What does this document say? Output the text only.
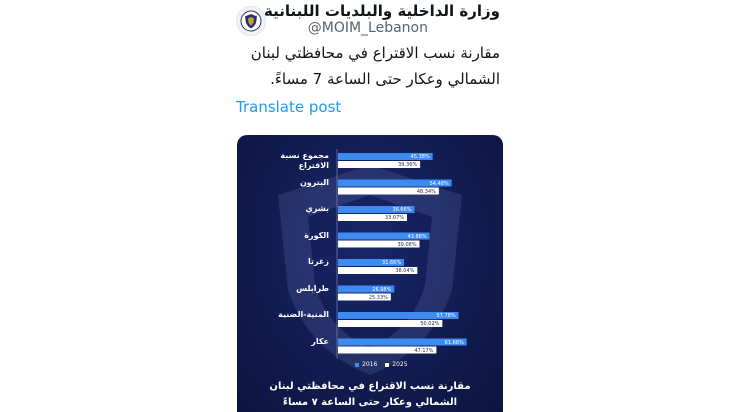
وزارة الداخلية والبلديات اللبنانية
@MOIM_Lebanon
مقارنة نسب الاقتراع في محافظتي لبنان
الشمالي وعكار حتى الساعة 7 مساءً.
Translate post
مجموع نسبة الاقتراع
45.38%
39.36%
البترون	54.48%
48.34%
بشري	36.66%
33.07%
الكورة	43.88%
39.08%
زغرتا	31.66%
38.04%
طرابلس	26.98%
25.33%
المنية-الضنية	57.78%
50.02%
عكار	61.68%
47.17%
2016	2025
مقارنة نسب الاقتراع في محافظتي لبنان
الشمالي وعكار حتى الساعة ٧ مساءً
